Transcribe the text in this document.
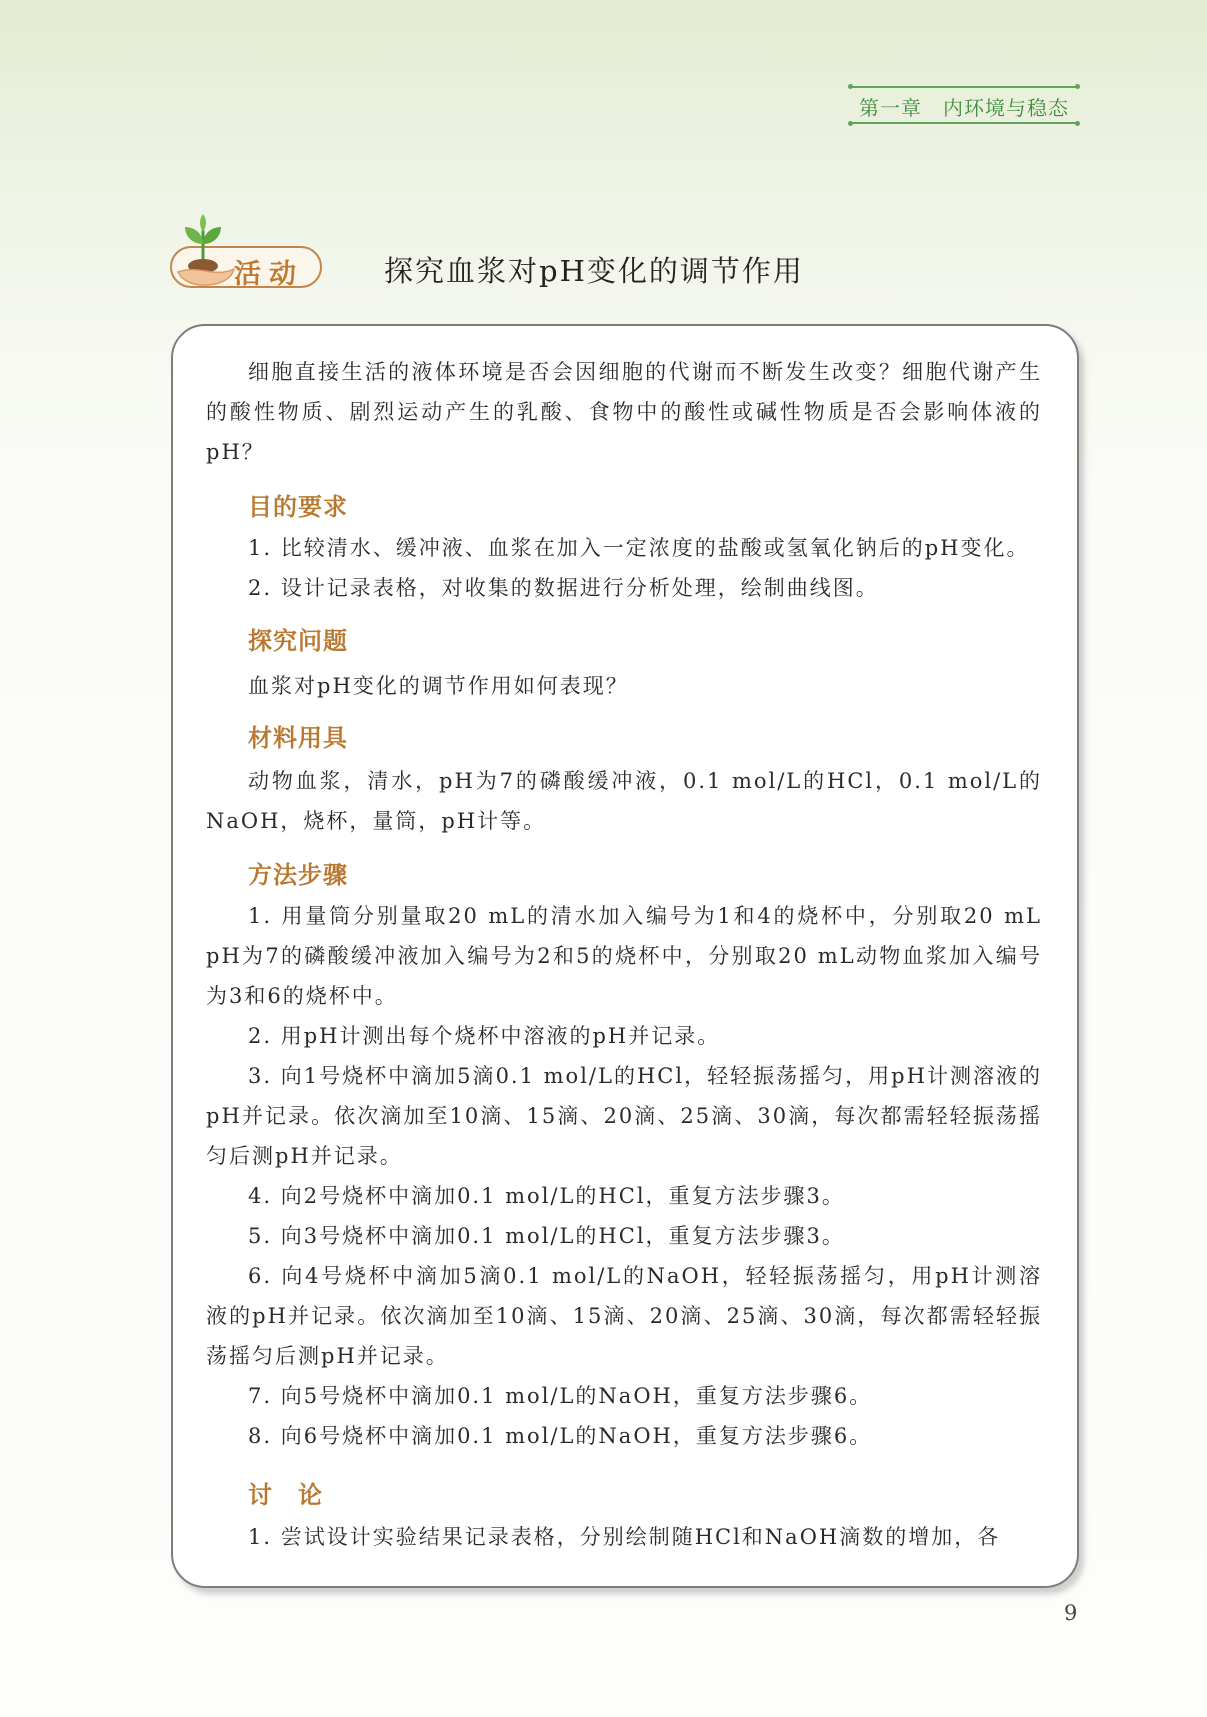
第一章　内环境与稳态
活动	探究血浆对pH变化的调节作用

细胞直接生活的液体环境是否会因细胞的代谢而不断发生改变？细胞代谢产生的酸性物质、剧烈运动产生的乳酸、食物中的酸性或碱性物质是否会影响体液的pH？

目的要求

1. 比较清水、缓冲液、血浆在加入一定浓度的盐酸或氢氧化钠后的pH变化。

2. 设计记录表格，对收集的数据进行分析处理，绘制曲线图。

探究问题

血浆对pH变化的调节作用如何表现？

材料用具

动物血浆，清水，pH为7的磷酸缓冲液，0.1 mol/L的HCl，0.1 mol/L的NaOH，烧杯，量筒，pH计等。

方法步骤

1. 用量筒分别量取20 mL的清水加入编号为1和4的烧杯中，分别取20 mL pH为7的磷酸缓冲液加入编号为2和5的烧杯中，分别取20 mL动物血浆加入编号为3和6的烧杯中。

2. 用pH计测出每个烧杯中溶液的pH并记录。

3. 向1号烧杯中滴加5滴0.1 mol/L的HCl，轻轻振荡摇匀，用pH计测溶液的pH并记录。依次滴加至10滴、15滴、20滴、25滴、30滴，每次都需轻轻振荡摇匀后测pH并记录。

4. 向2号烧杯中滴加0.1 mol/L的HCl，重复方法步骤3。

5. 向3号烧杯中滴加0.1 mol/L的HCl，重复方法步骤3。

6. 向4号烧杯中滴加5滴0.1 mol/L的NaOH，轻轻振荡摇匀，用pH计测溶液的pH并记录。依次滴加至10滴、15滴、20滴、25滴、30滴，每次都需轻轻振荡摇匀后测pH并记录。

7. 向5号烧杯中滴加0.1 mol/L的NaOH，重复方法步骤6。

8. 向6号烧杯中滴加0.1 mol/L的NaOH，重复方法步骤6。

讨　论

1. 尝试设计实验结果记录表格，分别绘制随HCl和NaOH滴数的增加，各

9
